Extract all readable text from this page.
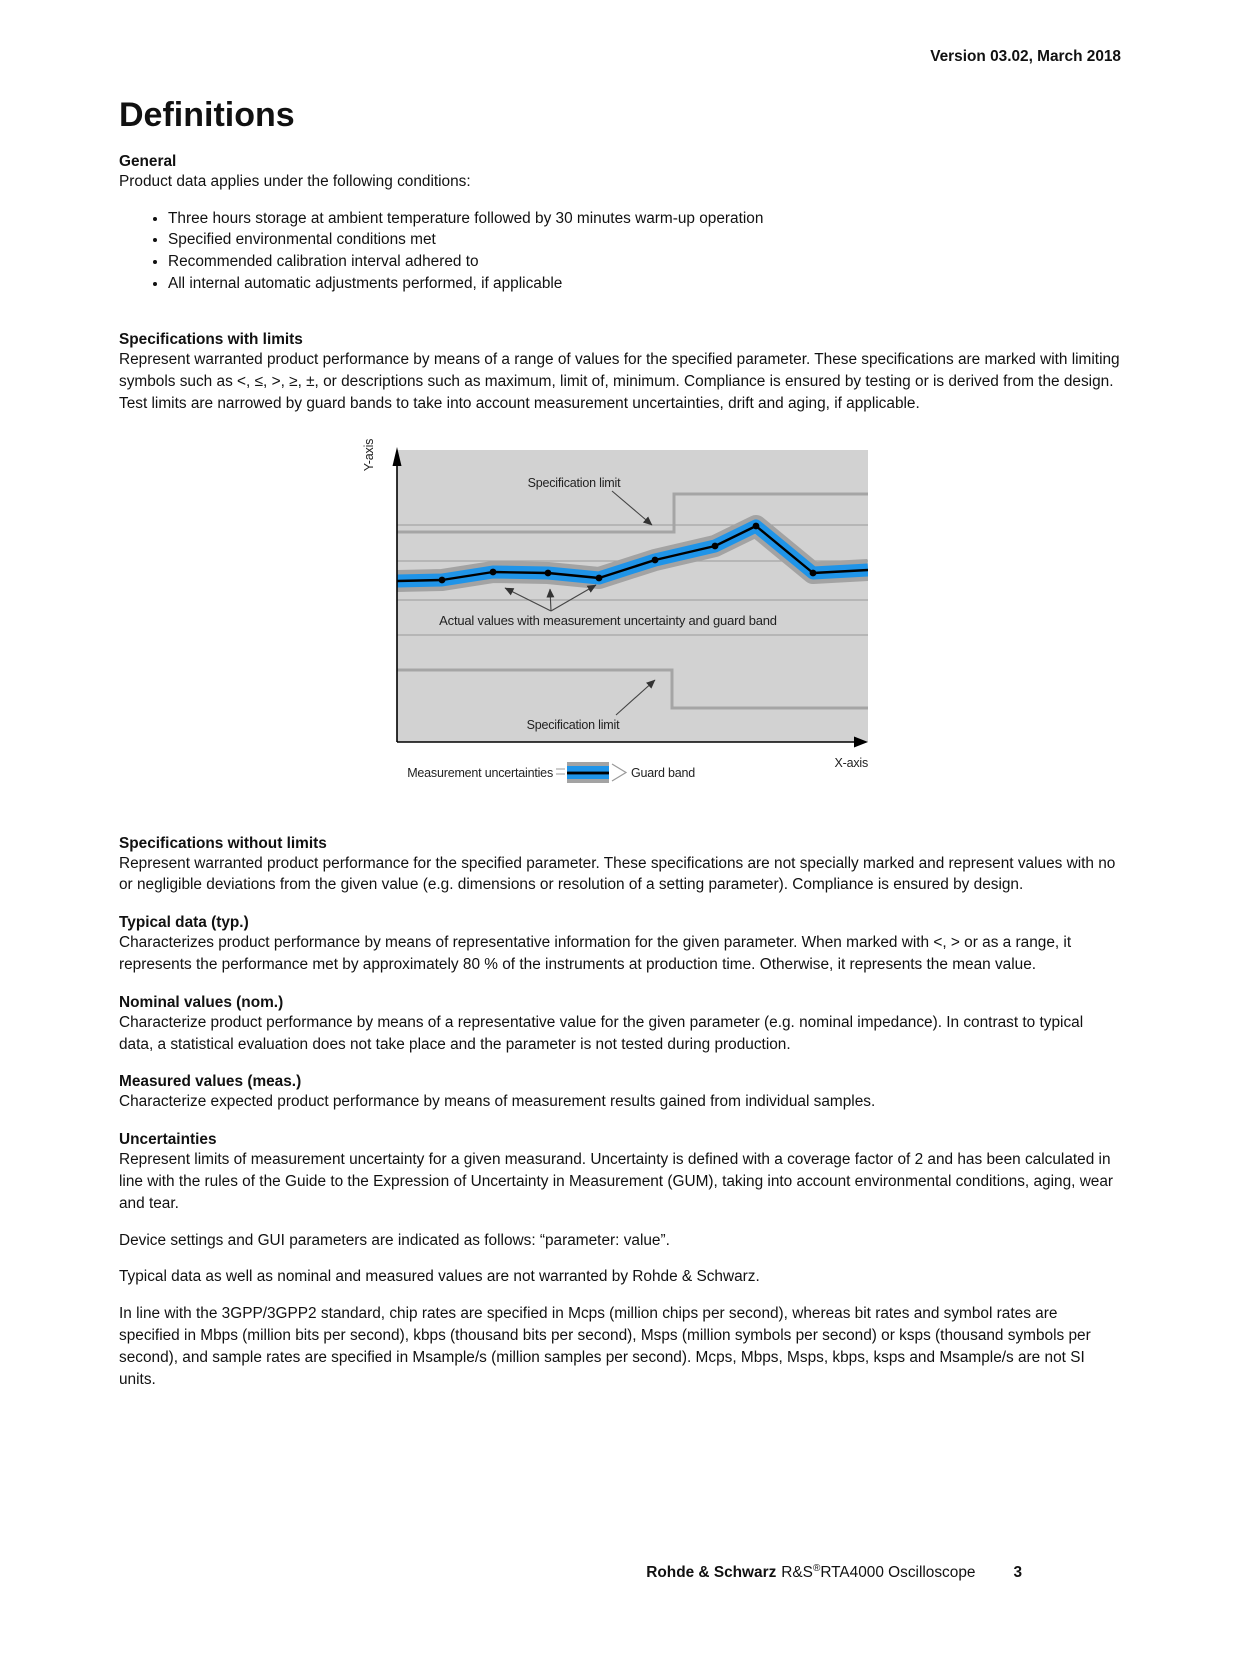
Version 03.02, March 2018
Definitions
General

Product data applies under the following conditions:

• Three hours storage at ambient temperature followed by 30 minutes warm-up operation
• Specified environmental conditions met
• Recommended calibration interval adhered to
• All internal automatic adjustments performed, if applicable
Specifications with limits

Represent warranted product performance by means of a range of values for the specified parameter. These specifications are marked with limiting symbols such as <, ≤, >, ≥, ±, or descriptions such as maximum, limit of, minimum. Compliance is ensured by testing or is derived from the design. Test limits are narrowed by guard bands to take into account measurement uncertainties, drift and aging, if applicable.

Y-axis
X-axis
Specification limit
Actual values with measurement uncertainty and guard band
Specification limit
Measurement uncertainties	Guard band
Specifications without limits

Represent warranted product performance for the specified parameter. These specifications are not specially marked and represent values with no or negligible deviations from the given value (e.g. dimensions or resolution of a setting parameter). Compliance is ensured by design.

Typical data (typ.)

Characterizes product performance by means of representative information for the given parameter. When marked with <, > or as a range, it represents the performance met by approximately 80 % of the instruments at production time. Otherwise, it represents the mean value.

Nominal values (nom.)

Characterize product performance by means of a representative value for the given parameter (e.g. nominal impedance). In contrast to typical data, a statistical evaluation does not take place and the parameter is not tested during production.

Measured values (meas.)

Characterize expected product performance by means of measurement results gained from individual samples.

Uncertainties

Represent limits of measurement uncertainty for a given measurand. Uncertainty is defined with a coverage factor of 2 and has been calculated in line with the rules of the Guide to the Expression of Uncertainty in Measurement (GUM), taking into account environmental conditions, aging, wear and tear.

Device settings and GUI parameters are indicated as follows: “parameter: value”.

Typical data as well as nominal and measured values are not warranted by Rohde & Schwarz.

In line with the 3GPP/3GPP2 standard, chip rates are specified in Mcps (million chips per second), whereas bit rates and symbol rates are specified in Mbps (million bits per second), kbps (thousand bits per second), Msps (million symbols per second) or ksps (thousand symbols per second), and sample rates are specified in Msample/s (million samples per second). Mcps, Mbps, Msps, kbps, ksps and Msample/s are not SI units.

Rohde & Schwarz R&S®RTA4000 Oscilloscope 3
